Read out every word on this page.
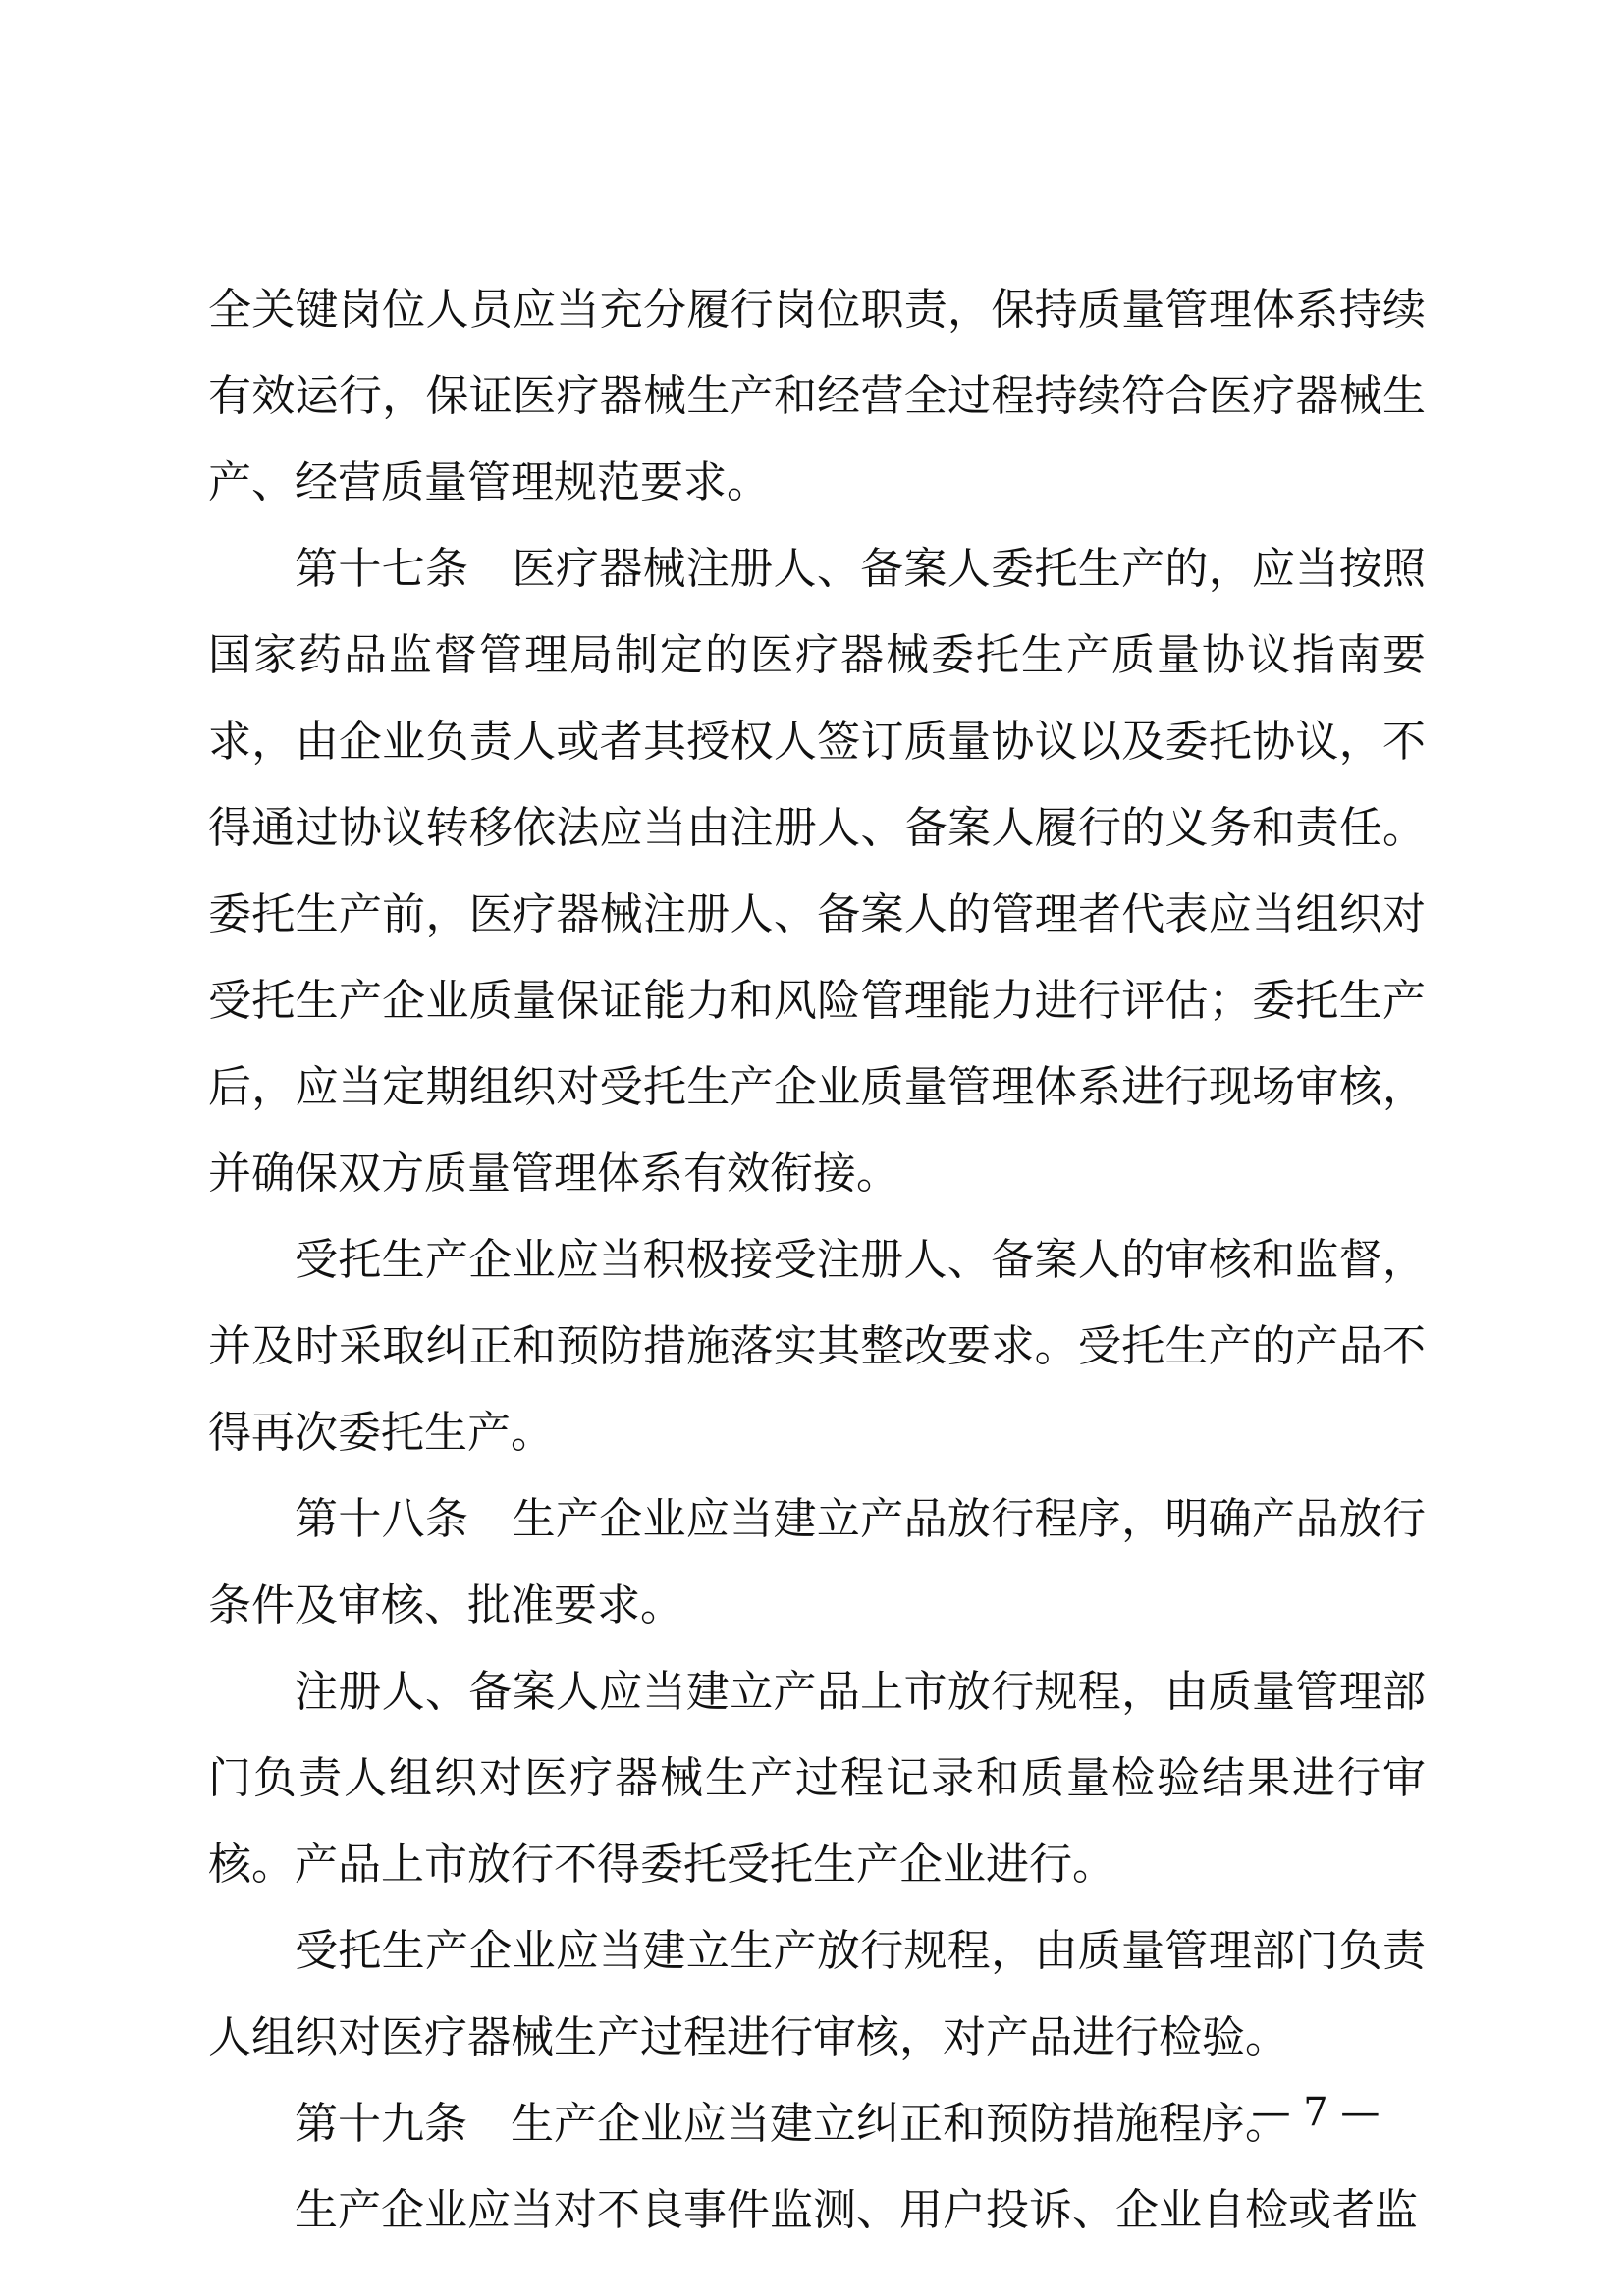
全关键岗位人员应当充分履行岗位职责，保持质量管理体系持续有效运行，保证医疗器械生产和经营全过程持续符合医疗器械生产、经营质量管理规范要求。

第十七条　医疗器械注册人、备案人委托生产的，应当按照国家药品监督管理局制定的医疗器械委托生产质量协议指南要求，由企业负责人或者其授权人签订质量协议以及委托协议，不得通过协议转移依法应当由注册人、备案人履行的义务和责任。委托生产前，医疗器械注册人、备案人的管理者代表应当组织对受托生产企业质量保证能力和风险管理能力进行评估；委托生产后，应当定期组织对受托生产企业质量管理体系进行现场审核，并确保双方质量管理体系有效衔接。

受托生产企业应当积极接受注册人、备案人的审核和监督，并及时采取纠正和预防措施落实其整改要求。受托生产的产品不得再次委托生产。

第十八条　生产企业应当建立产品放行程序，明确产品放行条件及审核、批准要求。

注册人、备案人应当建立产品上市放行规程，由质量管理部门负责人组织对医疗器械生产过程记录和质量检验结果进行审核。产品上市放行不得委托受托生产企业进行。

受托生产企业应当建立生产放行规程，由质量管理部门负责人组织对医疗器械生产过程进行审核，对产品进行检验。

第十九条　生产企业应当建立纠正和预防措施程序。

生产企业应当对不良事件监测、用户投诉、企业自检或者监

— 7 —
